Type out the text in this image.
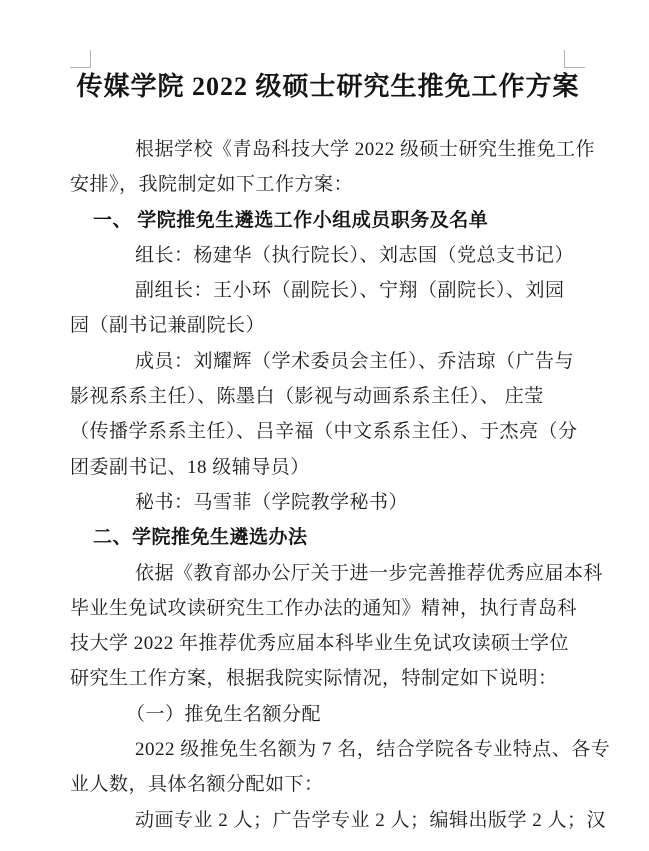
传媒学院 2022 级硕士研究生推免工作方案
根据学校《青岛科技大学 2022 级硕士研究生推免工作
安排》，我院制定如下工作方案：
一、 学院推免生遴选工作小组成员职务及名单
组长：杨建华（执行院长）、刘志国（党总支书记）
副组长：王小环（副院长）、宁翔（副院长）、刘园
园（副书记兼副院长）
成员：刘耀辉（学术委员会主任）、乔洁琼（广告与
影视系系主任）、陈墨白（影视与动画系系主任）、 庄莹
（传播学系系主任）、吕辛福（中文系系主任）、于杰亮（分
团委副书记、18 级辅导员）
秘书：马雪菲（学院教学秘书）
二、学院推免生遴选办法
依据《教育部办公厅关于进一步完善推荐优秀应届本科
毕业生免试攻读研究生工作办法的通知》精神，执行青岛科
技大学 2022 年推荐优秀应届本科毕业生免试攻读硕士学位
研究生工作方案，根据我院实际情况，特制定如下说明：
（一）推免生名额分配
2022 级推免生名额为 7 名，结合学院各专业特点、各专
业人数，具体名额分配如下：
动画专业 2 人；广告学专业 2 人；编辑出版学 2 人；汉
